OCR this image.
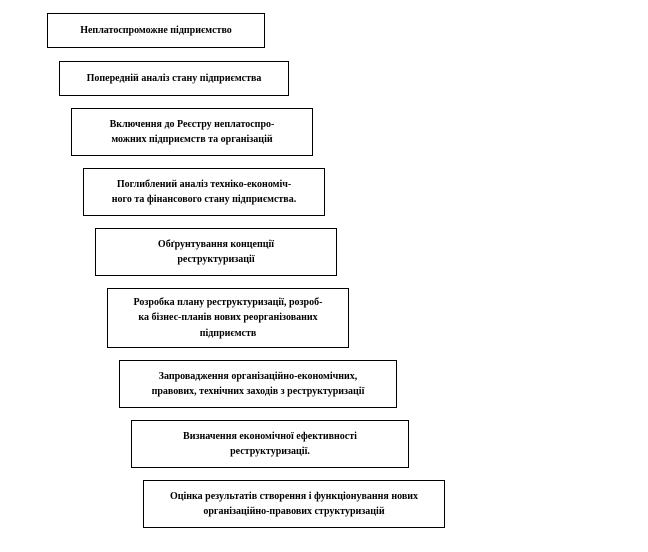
Неплатоспроможне підприємство
Попередній аналіз стану підприємства
Включення до Реєстру неплатоспро-
можних підприємств та організацій
Поглиблений аналіз техніко-економіч-
ного та фінансового стану підприємства.
Обґрунтування концепції
реструктуризації
Розробка плану реструктуризації, розроб-
ка бізнес-планів нових реорганізованих
підприємств
Запровадження організаційно-економічних,
правових, технічних заходів з реструктуризації
Визначення економічної ефективності
реструктуризації.
Оцінка результатів створення і функціонування нових
організаційно-правових структуризацій
